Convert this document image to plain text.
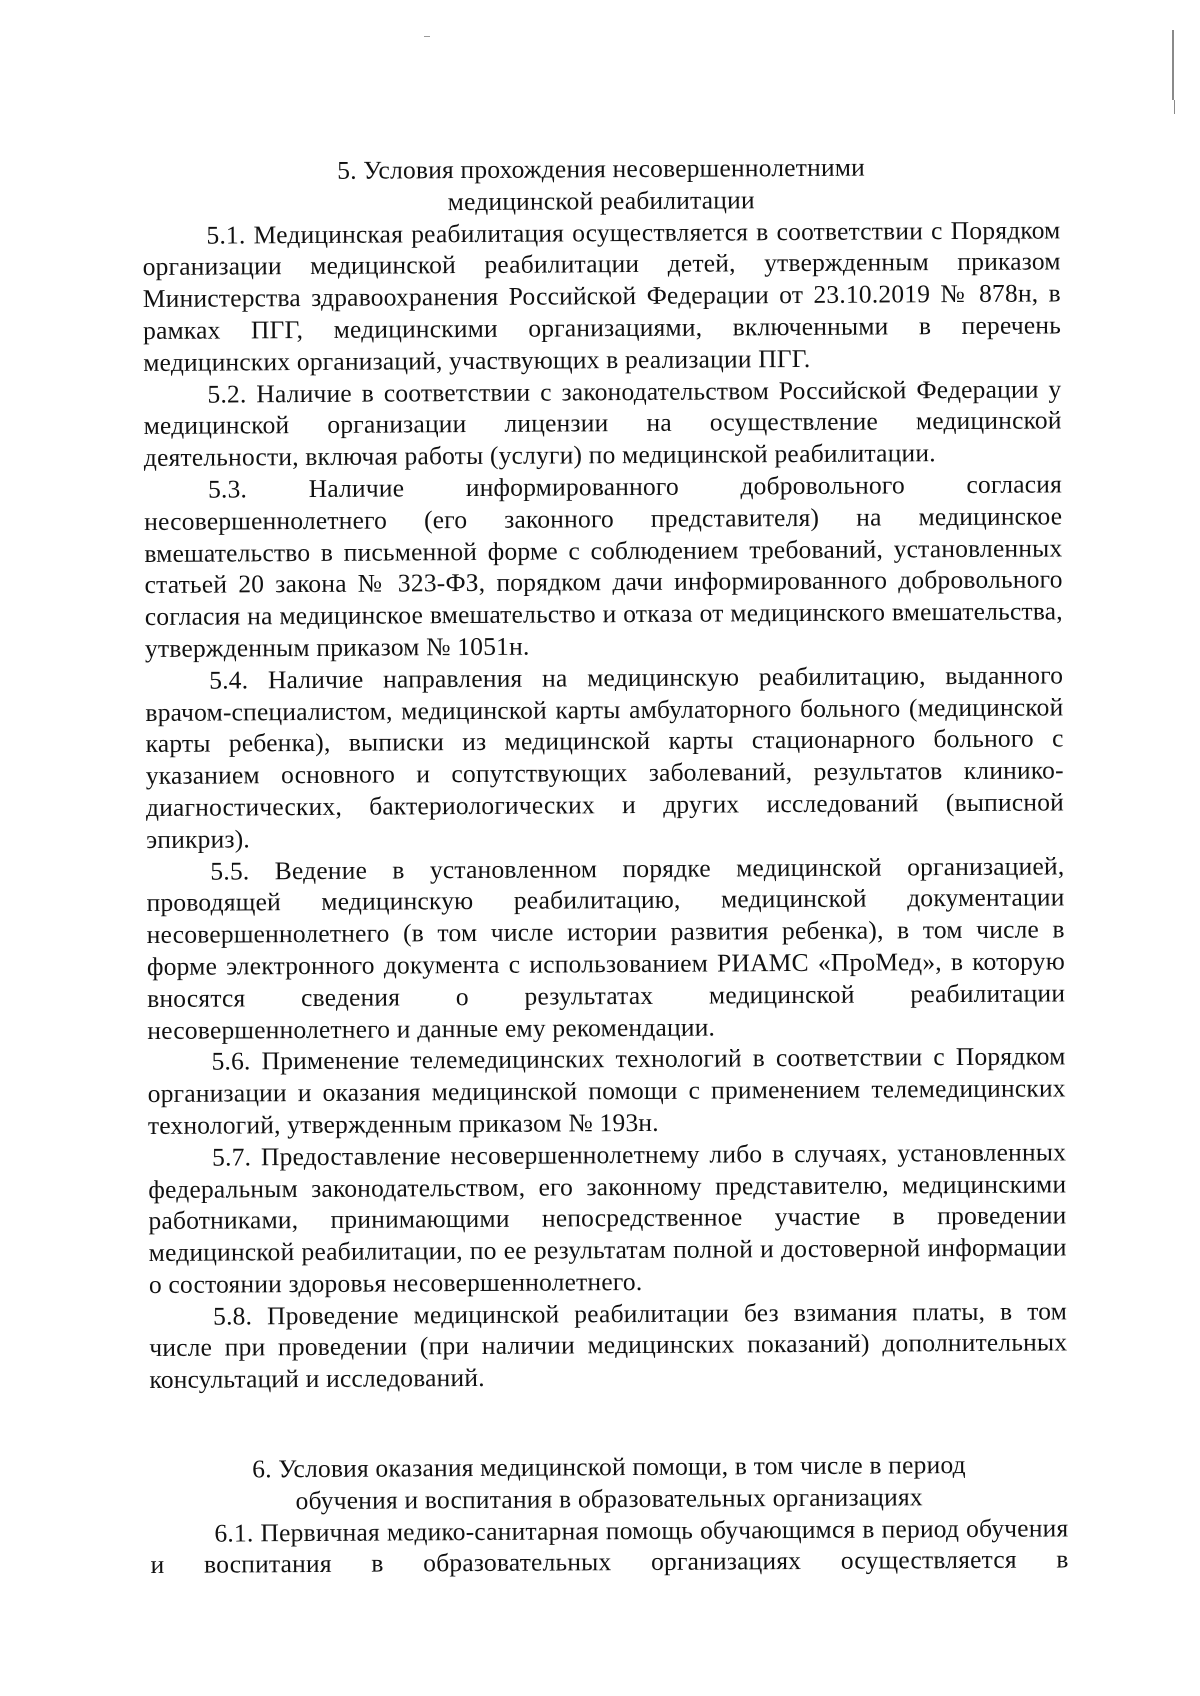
5. Условия прохождения несовершеннолетними
медицинской реабилитации

5.1. Медицинская реабилитация осуществляется в соответствии с Порядком организации медицинской реабилитации детей, утвержденным приказом Министерства здравоохранения Российской Федерации от 23.10.2019 № 878н, в рамках ПГГ, медицинскими организациями, включенными в перечень медицинских организаций, участвующих в реализации ПГГ.

5.2. Наличие в соответствии с законодательством Российской Федерации у медицинской организации лицензии на осуществление медицинской деятельности, включая работы (услуги) по медицинской реабилитации.

5.3. Наличие информированного добровольного согласия несовершеннолетнего (его законного представителя) на медицинское вмешательство в письменной форме с соблюдением требований, установленных статьей 20 закона № 323-ФЗ, порядком дачи информированного добровольного согласия на медицинское вмешательство и отказа от медицинского вмешательства, утвержденным приказом № 1051н.

5.4. Наличие направления на медицинскую реабилитацию, выданного врачом-специалистом, медицинской карты амбулаторного больного (медицинской карты ребенка), выписки из медицинской карты стационарного больного с указанием основного и сопутствующих заболеваний, результатов клинико-диагностических, бактериологических и других исследований (выписной эпикриз).

5.5. Ведение в установленном порядке медицинской организацией, проводящей медицинскую реабилитацию, медицинской документации несовершеннолетнего (в том числе истории развития ребенка), в том числе в форме электронного документа с использованием РИАМС «ПроМед», в которую вносятся сведения о результатах медицинской реабилитации несовершеннолетнего и данные ему рекомендации.

5.6. Применение телемедицинских технологий в соответствии с Порядком организации и оказания медицинской помощи с применением телемедицинских технологий, утвержденным приказом № 193н.

5.7. Предоставление несовершеннолетнему либо в случаях, установленных федеральным законодательством, его законному представителю, медицинскими работниками, принимающими непосредственное участие в проведении медицинской реабилитации, по ее результатам полной и достоверной информации о состоянии здоровья несовершеннолетнего.

5.8. Проведение медицинской реабилитации без взимания платы, в том числе при проведении (при наличии медицинских показаний) дополнительных консультаций и исследований.

6. Условия оказания медицинской помощи, в том числе в период
обучения и воспитания в образовательных организациях

6.1. Первичная медико-санитарная помощь обучающимся в период обучения и воспитания в образовательных организациях осуществляется в
